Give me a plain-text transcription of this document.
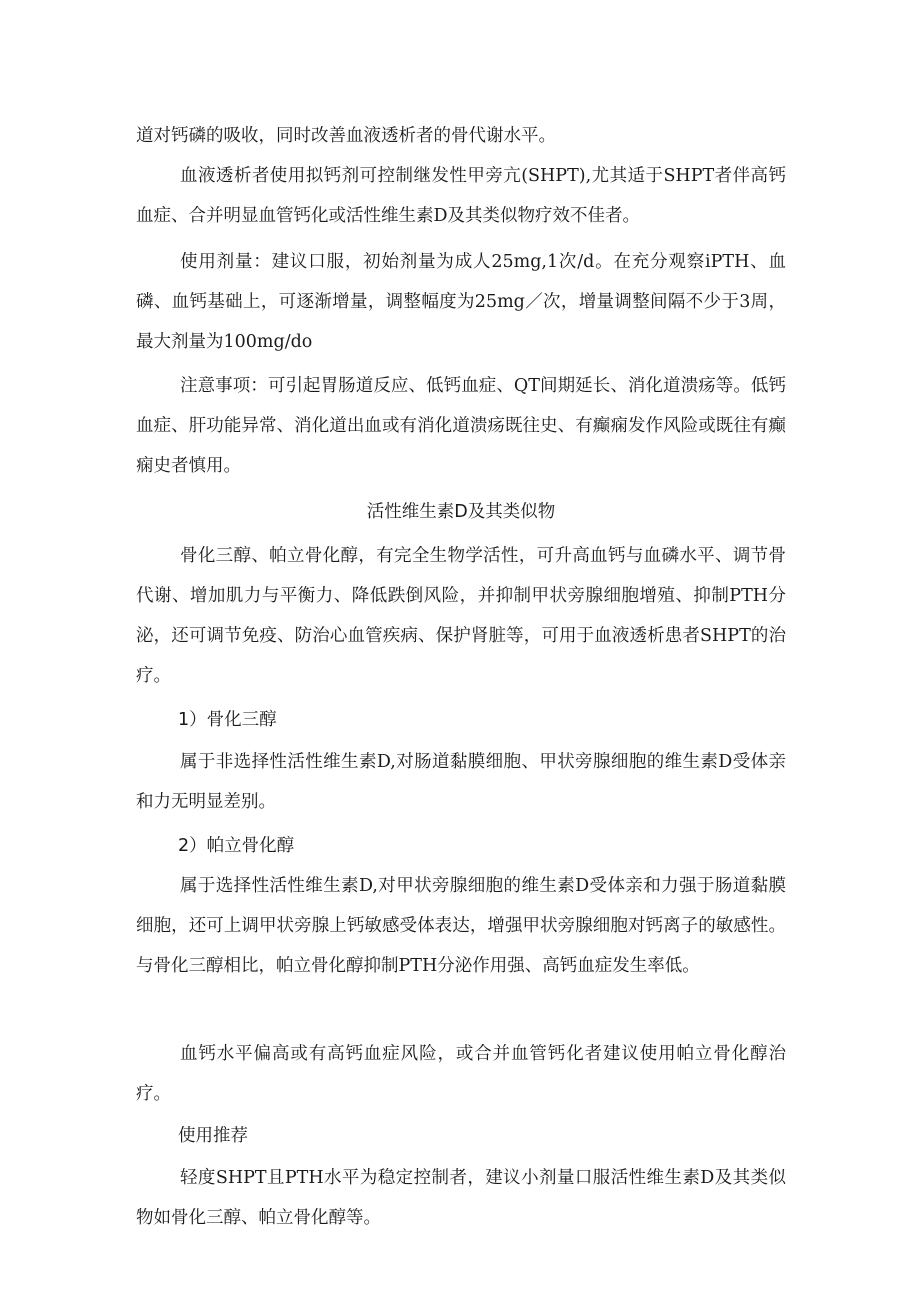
道对钙磷的吸收，同时改善血液透析者的骨代谢水平。

血液透析者使用拟钙剂可控制继发性甲旁亢(SHPT),尤其适于SHPT者伴高钙血症、合并明显血管钙化或活性维生素D及其类似物疗效不佳者。

使用剂量：建议口服，初始剂量为成人25mg,1次/d。在充分观察iPTH、血磷、血钙基础上，可逐渐增量，调整幅度为25mg／次，增量调整间隔不少于3周，最大剂量为100mg/do

注意事项：可引起胃肠道反应、低钙血症、QT间期延长、消化道溃疡等。低钙血症、肝功能异常、消化道出血或有消化道溃疡既往史、有癫痫发作风险或既往有癫痫史者慎用。

活性维生素D及其类似物

骨化三醇、帕立骨化醇，有完全生物学活性，可升高血钙与血磷水平、调节骨代谢、增加肌力与平衡力、降低跌倒风险，并抑制甲状旁腺细胞增殖、抑制PTH分泌，还可调节免疫、防治心血管疾病、保护肾脏等，可用于血液透析患者SHPT的治疗。

1）骨化三醇

属于非选择性活性维生素D,对肠道黏膜细胞、甲状旁腺细胞的维生素D受体亲和力无明显差别。

2）帕立骨化醇

属于选择性活性维生素D,对甲状旁腺细胞的维生素D受体亲和力强于肠道黏膜细胞，还可上调甲状旁腺上钙敏感受体表达，增强甲状旁腺细胞对钙离子的敏感性。与骨化三醇相比，帕立骨化醇抑制PTH分泌作用强、高钙血症发生率低。

血钙水平偏高或有高钙血症风险，或合并血管钙化者建议使用帕立骨化醇治疗。

使用推荐

轻度SHPT且PTH水平为稳定控制者，建议小剂量口服活性维生素D及其类似物如骨化三醇、帕立骨化醇等。
